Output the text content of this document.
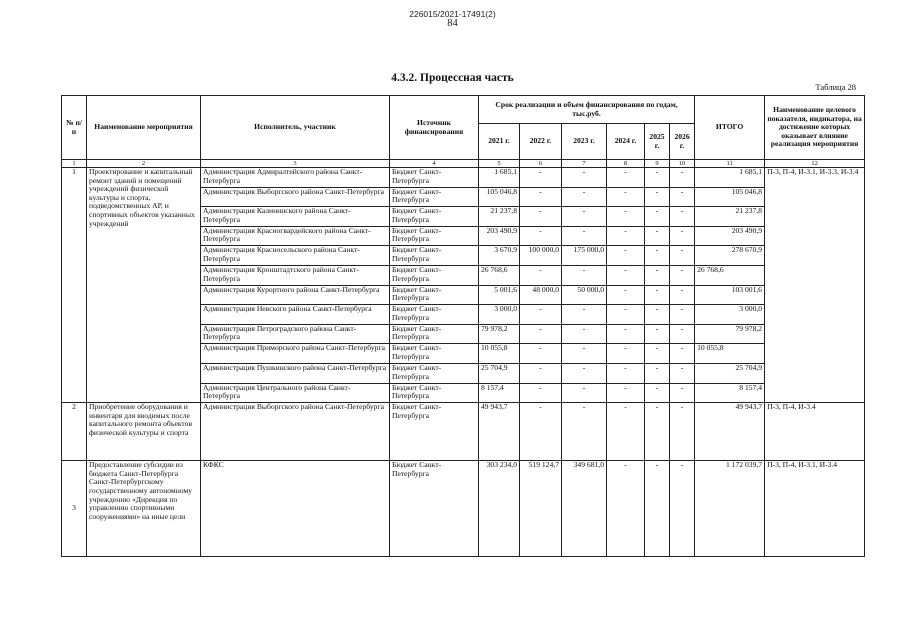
226015/2021-17491(2)
84
4.3.2. Процессная часть
Таблица 28
№ п/п	Наименование мероприятия	Исполнитель, участник	Источник финансирования	Срок реализации и объем финансирования по годам, тыс.руб.						ИТОГО	Наименование целевого показателя, индикатора, на достижение которых оказывает влияние реализация мероприятия
				2021 г.	2022 г.	2023 г.	2024 г.	2025 г.	2026 г.		
1	2	3	4	5	6	7	8	9	10	11	12
1	Проектирование и капитальный ремонт зданий и помещений учреждений физической культуры и спорта, подведомственных АР, и спортивных объектов указанных учреждений	Администрация Адмиралтейского района Санкт-Петербурга	Бюджет Санкт-Петербурга	1 685,1	-	-	-	-	-	1 685,1	П-3, П-4, И-3.1, И-3.3, И-3.4
		Администрация Выборгского района Санкт-Петербурга	Бюджет Санкт-Петербурга	105 046,8	-	-	-	-	-	105 046,8	
		Администрация Калининского района Санкт-Петербурга	Бюджет Санкт-Петербурга	21 237,8	-	-	-	-	-	21 237,8	
		Администрация Красногвардейского района Санкт-Петербурга	Бюджет Санкт-Петербурга	203 490,9	-	-	-	-	-	203 490,9	
		Администрация Красносельского района Санкт-Петербурга	Бюджет Санкт-Петербурга	3 670,9	100 000,0	175 000,0	-	-	-	278 670,9	
		Администрация Кронштадтского района Санкт-Петербурга	Бюджет Санкт-Петербурга	26 768,6	-	-	-	-	-	26 768,6	
		Администрация Курортного района Санкт-Петербурга	Бюджет Санкт-Петербурга	5 001,6	48 000,0	50 000,0	-	-	-	103 001,6	
		Администрация Невского района Санкт-Петербурга	Бюджет Санкт-Петербурга	3 000,0	-	-	-	-	-	3 000,0	
		Администрация Петроградского района Санкт-Петербурга	Бюджет Санкт-Петербурга	79 978,2	-	-	-	-	-	79 978,2	
		Администрация Приморского района Санкт-Петербурга	Бюджет Санкт-Петербурга	10 055,8	-	-	-	-	-	10 055,8	
		Администрация Пушкинского района Санкт-Петербурга	Бюджет Санкт-Петербурга	25 704,9	-	-	-	-	-	25 704,9	
		Администрация Центрального района Санкт-Петербурга	Бюджет Санкт-Петербурга	8 157,4	-	-	-	-	-	8 157,4	
2	Приобретение оборудования и инвентаря для вводимых после капитального ремонта объектов физической культуры и спорта	Администрация Выборгского района Санкт-Петербурга	Бюджет Санкт-Петербурга	49 943,7	-	-	-	-	-	49 943,7	П-3, П-4, И-3.4
3	Предоставление субсидии из бюджета Санкт-Петербурга Санкт-Петербургскому государственному автономному учреждению «Дирекция по управлению спортивными сооружениями» на иные цели	КФКС	Бюджет Санкт-Петербурга	303 234,0	519 124,7	349 681,0	-	-	-	1 172 039,7	П-3, П-4, И-3.1, И-3.4
